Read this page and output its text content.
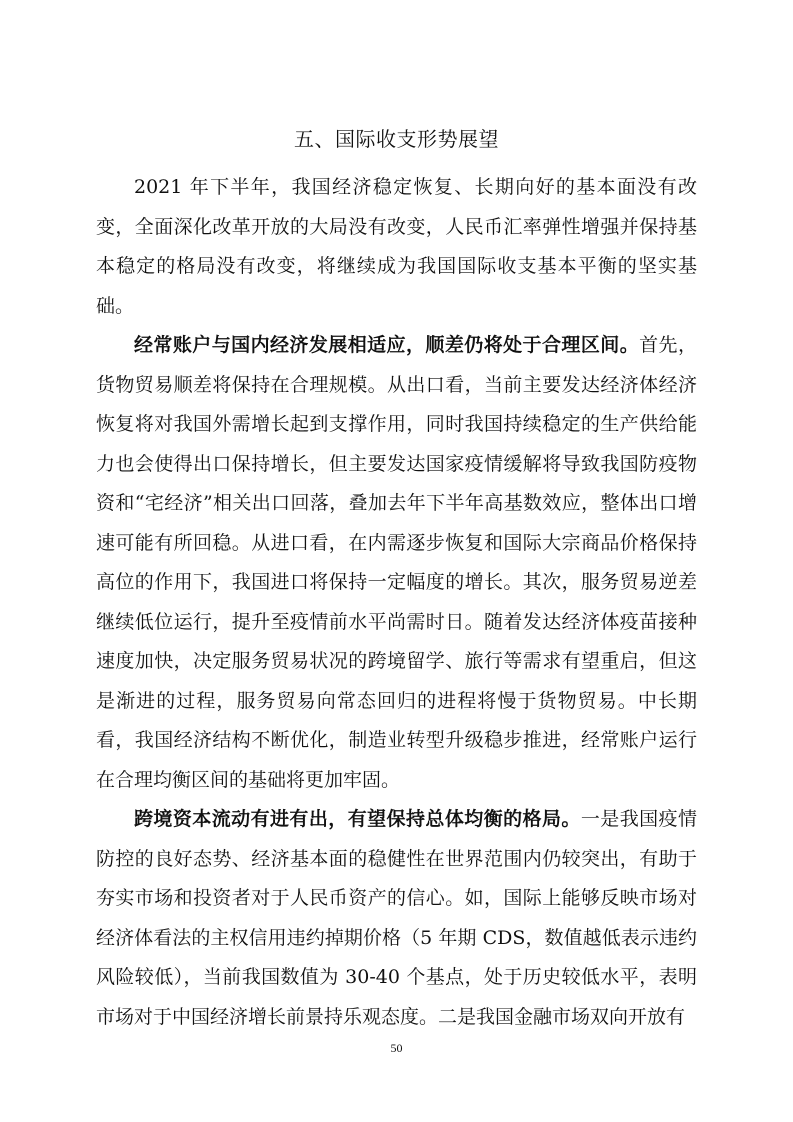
五、国际收支形势展望

2021 年下半年，我国经济稳定恢复、长期向好的基本面没有改变，全面深化改革开放的大局没有改变，人民币汇率弹性增强并保持基本稳定的格局没有改变，将继续成为我国国际收支基本平衡的坚实基础。

经常账户与国内经济发展相适应，顺差仍将处于合理区间。首先，货物贸易顺差将保持在合理规模。从出口看，当前主要发达经济体经济恢复将对我国外需增长起到支撑作用，同时我国持续稳定的生产供给能力也会使得出口保持增长，但主要发达国家疫情缓解将导致我国防疫物资和“宅经济”相关出口回落，叠加去年下半年高基数效应，整体出口增速可能有所回稳。从进口看，在内需逐步恢复和国际大宗商品价格保持高位的作用下，我国进口将保持一定幅度的增长。其次，服务贸易逆差继续低位运行，提升至疫情前水平尚需时日。随着发达经济体疫苗接种速度加快，决定服务贸易状况的跨境留学、旅行等需求有望重启，但这是渐进的过程，服务贸易向常态回归的进程将慢于货物贸易。中长期看，我国经济结构不断优化，制造业转型升级稳步推进，经常账户运行在合理均衡区间的基础将更加牢固。

跨境资本流动有进有出，有望保持总体均衡的格局。一是我国疫情防控的良好态势、经济基本面的稳健性在世界范围内仍较突出，有助于夯实市场和投资者对于人民币资产的信心。如，国际上能够反映市场对经济体看法的主权信用违约掉期价格（5 年期 CDS，数值越低表示违约风险较低），当前我国数值为 30-40 个基点，处于历史较低水平，表明市场对于中国经济增长前景持乐观态度。二是我国金融市场双向开放有

50
